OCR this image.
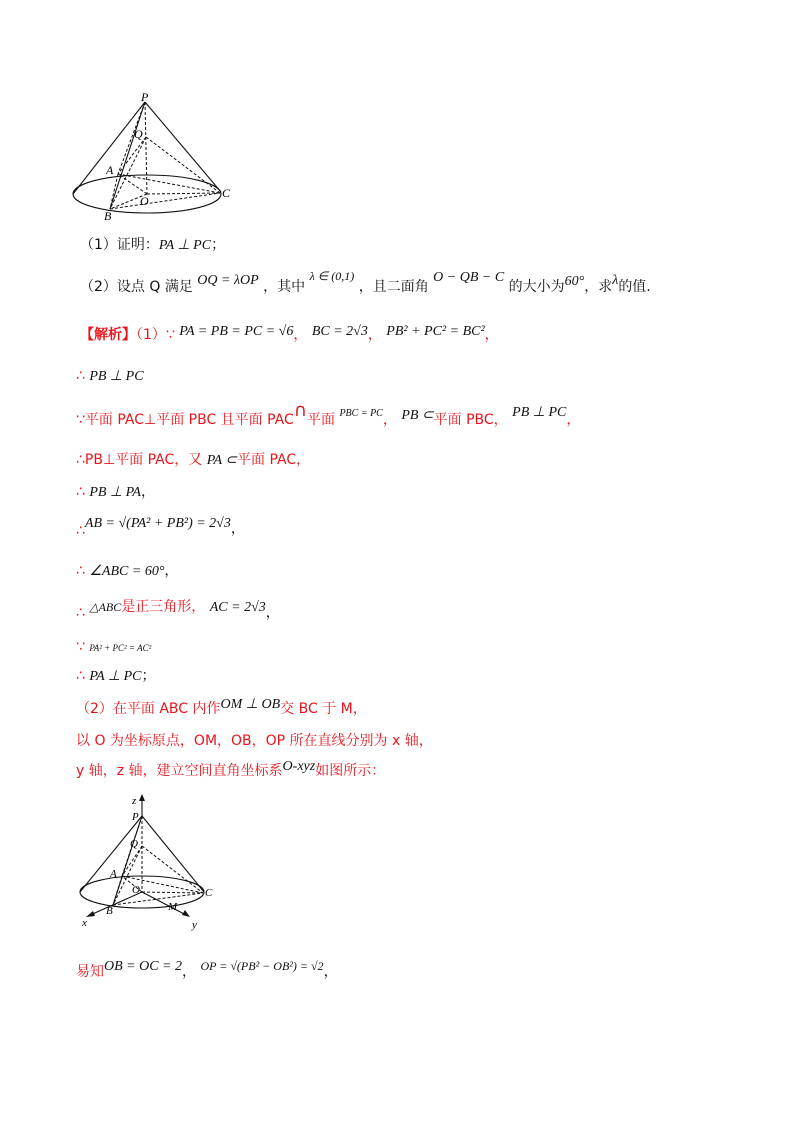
P
Q
A
O
B
C
（1）证明：PA ⊥ PC；
（2）设点 Q 满足 OQ = λOP ，其中 λ ∈ (0,1) ，且二面角 O − QB − C 的大小为60°，求λ的值.
【解析】（1）∵ PA = PB = PC = √6， BC = 2√3， PB² + PC² = BC²，
∴ PB ⊥ PC
∵平面 PAC⊥平面 PBC 且平面 PAC∩平面 $^{PBC = PC}$， PB ⊂平面 PBC， PB ⊥ PC，
∴PB⊥平面 PAC，又 PA ⊂平面 PAC，
∴ PB ⊥ PA，
∴AB = √(PA² + PB²) = 2√3，
∴ ∠ABC = 60°，
∴ △ABC是正三角形， AC = 2√3，
∵ PA² + PC² = AC²
∴ PA ⊥ PC；
（2）在平面 ABC 内作OM ⊥ OB交 BC 于 M，
以 O 为坐标原点，OM，OB，OP 所在直线分别为 x 轴，
y 轴，z 轴，建立空间直角坐标系O-xyz如图所示：
z
P
Q
A
O
B	M
C
x	y
易知OB = OC = 2， OP = √(PB² − OB²) = √2，
